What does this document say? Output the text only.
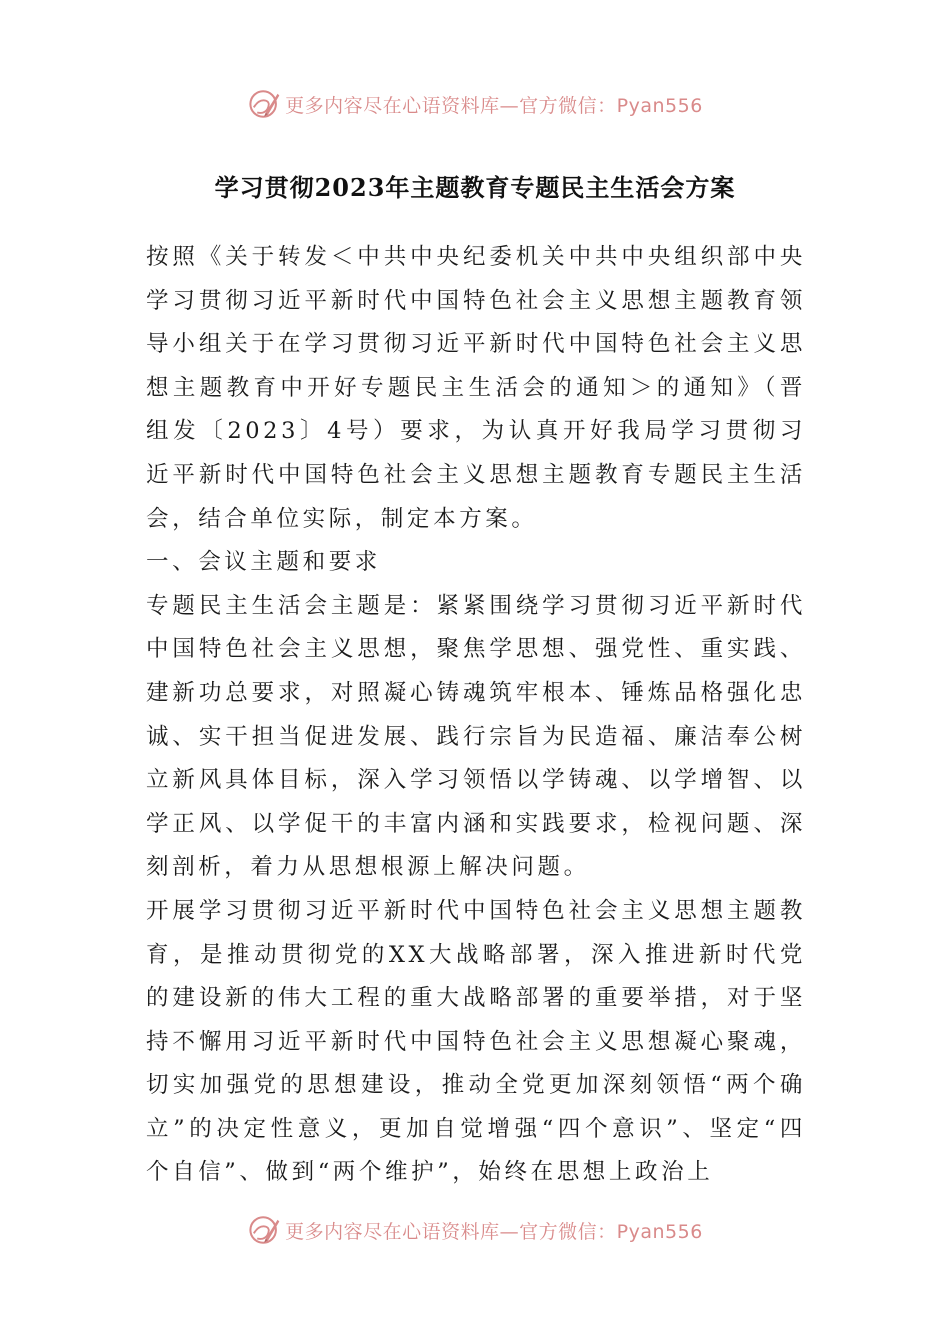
更多内容尽在心语资料库—官方微信：Pyan556
学习贯彻2023年主题教育专题民主生活会方案

按照《关于转发＜中共中央纪委机关中共中央组织部中央学习贯彻习近平新时代中国特色社会主义思想主题教育领导小组关于在学习贯彻习近平新时代中国特色社会主义思想主题教育中开好专题民主生活会的通知＞的通知》（晋组发〔2023〕4号）要求，为认真开好我局学习贯彻习近平新时代中国特色社会主义思想主题教育专题民主生活会，结合单位实际，制定本方案。

一、会议主题和要求

专题民主生活会主题是：紧紧围绕学习贯彻习近平新时代中国特色社会主义思想，聚焦学思想、强党性、重实践、建新功总要求，对照凝心铸魂筑牢根本、锤炼品格强化忠诚、实干担当促进发展、践行宗旨为民造福、廉洁奉公树立新风具体目标，深入学习领悟以学铸魂、以学增智、以学正风、以学促干的丰富内涵和实践要求，检视问题、深刻剖析，着力从思想根源上解决问题。

开展学习贯彻习近平新时代中国特色社会主义思想主题教育，是推动贯彻党的XX大战略部署，深入推进新时代党的建设新的伟大工程的重大战略部署的重要举措，对于坚持不懈用习近平新时代中国特色社会主义思想凝心聚魂，切实加强党的思想建设，推动全党更加深刻领悟“两个确立”的决定性意义，更加自觉增强“四个意识”、坚定“四个自信”、做到“两个维护”，始终在思想上政治上

更多内容尽在心语资料库—官方微信：Pyan556
